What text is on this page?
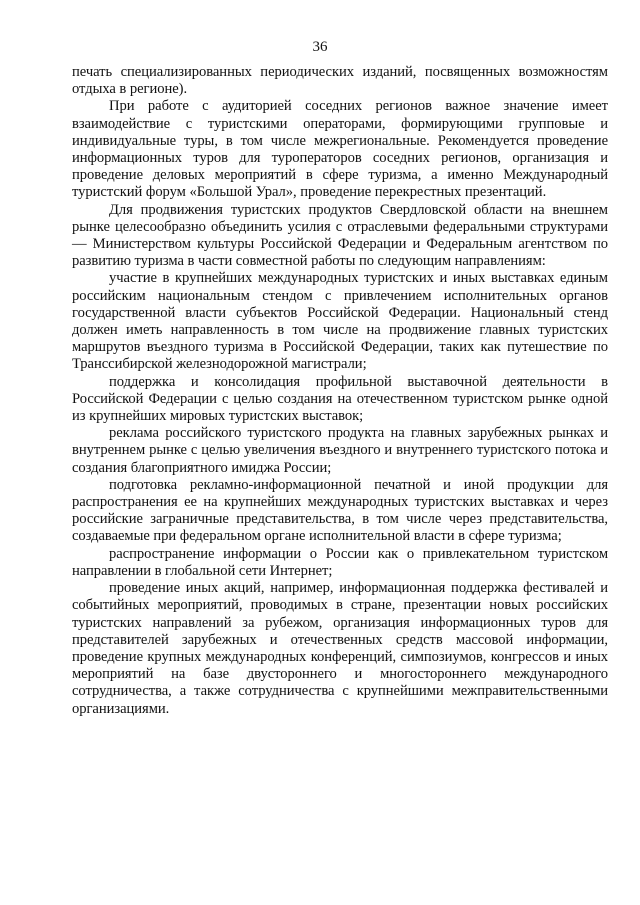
36

печать специализированных периодических изданий, посвященных возможностям отдыха в регионе).

При работе с аудиторией соседних регионов важное значение имеет взаимодействие с туристскими операторами, формирующими групповые и индивидуальные туры, в том числе межрегиональные. Рекомендуется проведение информационных туров для туроператоров соседних регионов, организация и проведение деловых мероприятий в сфере туризма, а именно Международный туристский форум «Большой Урал», проведение перекрестных презентаций.

Для продвижения туристских продуктов Свердловской области на внешнем рынке целесообразно объединить усилия с отраслевыми федеральными структурами — Министерством культуры Российской Федерации и Федеральным агентством по развитию туризма в части совместной работы по следующим направлениям:

участие в крупнейших международных туристских и иных выставках единым российским национальным стендом с привлечением исполнительных органов государственной власти субъектов Российской Федерации. Национальный стенд должен иметь направленность в том числе на продвижение главных туристских маршрутов въездного туризма в Российской Федерации, таких как путешествие по Транссибирской железнодорожной магистрали;

поддержка и консолидация профильной выставочной деятельности в Российской Федерации с целью создания на отечественном туристском рынке одной из крупнейших мировых туристских выставок;

реклама российского туристского продукта на главных зарубежных рынках и внутреннем рынке с целью увеличения въездного и внутреннего туристского потока и создания благоприятного имиджа России;

подготовка рекламно-информационной печатной и иной продукции для распространения ее на крупнейших международных туристских выставках и через российские заграничные представительства, в том числе через представительства, создаваемые при федеральном органе исполнительной власти в сфере туризма;

распространение информации о России как о привлекательном туристском направлении в глобальной сети Интернет;

проведение иных акций, например, информационная поддержка фестивалей и событийных мероприятий, проводимых в стране, презентации новых российских туристских направлений за рубежом, организация информационных туров для представителей зарубежных и отечественных средств массовой информации, проведение крупных международных конференций, симпозиумов, конгрессов и иных мероприятий на базе двустороннего и многостороннего международного сотрудничества, а также сотрудничества с крупнейшими межправительственными организациями.
